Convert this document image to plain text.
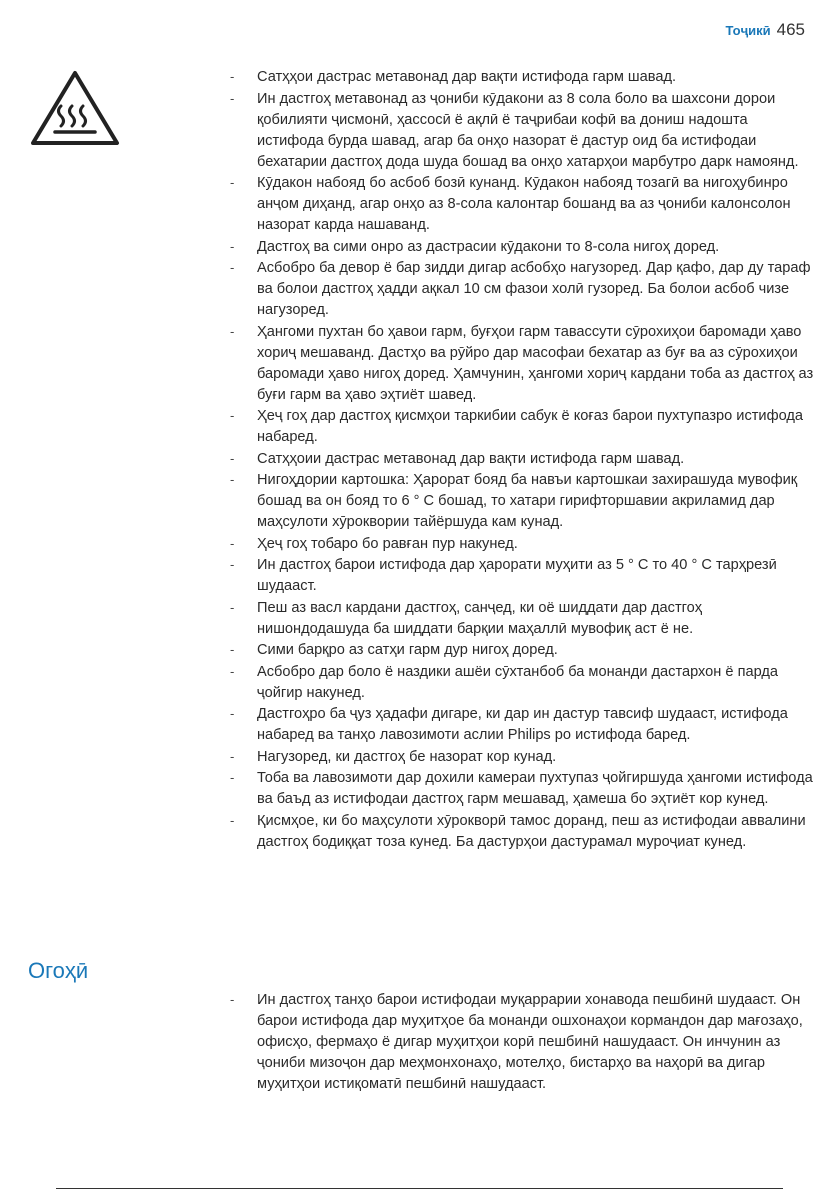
Тоҷикӣ 465
- Сатҳҳои дастрас метавонад дар вақти истифода гарм шавад.
- Ин дастгоҳ метавонад аз ҷониби кӯдакони аз 8 сола боло ва шахсони дорои қобилияти ҷисмонӣ, ҳассосӣ ё ақлӣ ё таҷрибаи кофӣ ва дониш надошта истифода бурда шавад, агар ба онҳо назорат ё дастур оид ба истифодаи бехатарии дастгоҳ дода шуда бошад ва онҳо хатарҳои марбутро дарк намоянд.
- Кӯдакон набояд бо асбоб бозӣ кунанд. Кӯдакон набояд тозагӣ ва нигоҳубинро анҷом диҳанд, агар онҳо аз 8-сола калонтар бошанд ва аз ҷониби калонсолон назорат карда нашаванд.
- Дастгоҳ ва сими онро аз дастрасии кӯдакони то 8-сола нигоҳ доред.
- Асбобро ба девор ё бар зидди дигар асбобҳо нагузоред. Дар қафо, дар ду тараф ва болои дастгоҳ ҳадди ақкал 10 см фазои холӣ гузоред. Ба болои асбоб чизе нагузоред.
- Ҳангоми пухтан бо ҳавои гарм, буғҳои гарм тавассути сӯрохиҳои баромади ҳаво хориҷ мешаванд. Дастҳо ва рӯйро дар масофаи бехатар аз буғ ва аз сӯрохиҳои баромади ҳаво нигоҳ доред. Ҳамчунин, ҳангоми хориҷ кардани тоба аз дастгоҳ аз буғи гарм ва ҳаво эҳтиёт шавед.
- Ҳеҷ гоҳ дар дастгоҳ қисмҳои таркибии сабук ё коғаз барои пухтупазро истифода набаред.
- Сатҳҳоии дастрас метавонад дар вақти истифода гарм шавад.
- Нигоҳдории картошка: Ҳарорат бояд ба навъи картошкаи захирашуда мувофиқ бошад ва он бояд то 6 ° C бошад, то хатари гирифторшавии акриламид дар маҳсулоти хӯроквории тайёршуда кам кунад.
- Ҳеҷ гоҳ тобаро бо равған пур накунед.
- Ин дастгоҳ барои истифода дар ҳарорати муҳити аз 5 ° C то 40 ° C тарҳрезӣ шудааст.
- Пеш аз васл кардани дастгоҳ, санҷед, ки оё шиддати дар дастгоҳ нишондодашуда ба шиддати барқии маҳаллӣ мувофиқ аст ё не.
- Сими барқро аз сатҳи гарм дур нигоҳ доред.
- Асбобро дар боло ё наздики ашёи сӯхтанбоб ба монанди дастархон ё парда ҷойгир накунед.
- Дастгоҳро ба ҷуз ҳадафи дигаре, ки дар ин дастур тавсиф шудааст, истифода набаред ва танҳо лавозимоти аслии Philips ро истифода баред.
- Нагузоред, ки дастгоҳ бе назорат кор кунад.
- Тоба ва лавозимоти дар дохили камераи пухтупаз ҷойгиршуда ҳангоми истифода ва баъд аз истифодаи дастгоҳ гарм мешавад, ҳамеша бо эҳтиёт кор кунед.
- Қисмҳое, ки бо маҳсулоти хӯрокворӣ тамос доранд, пеш аз истифодаи аввалини дастгоҳ бодиққат тоза кунед. Ба дастурҳои дастурамал муроҷиат кунед.
Огоҳӣ
- Ин дастгоҳ танҳо барои истифодаи муқаррарии хонавода пешбинӣ шудааст. Он барои истифода дар муҳитҳое ба монанди ошхонаҳои кормандон дар мағозаҳо, офисҳо, фермаҳо ё дигар муҳитҳои корӣ пешбинӣ нашудааст. Он инчунин аз ҷониби мизоҷон дар меҳмонхонаҳо, мотелҳо, бистарҳо ва наҳорӣ ва дигар муҳитҳои истиқоматӣ пешбинӣ нашудааст.
